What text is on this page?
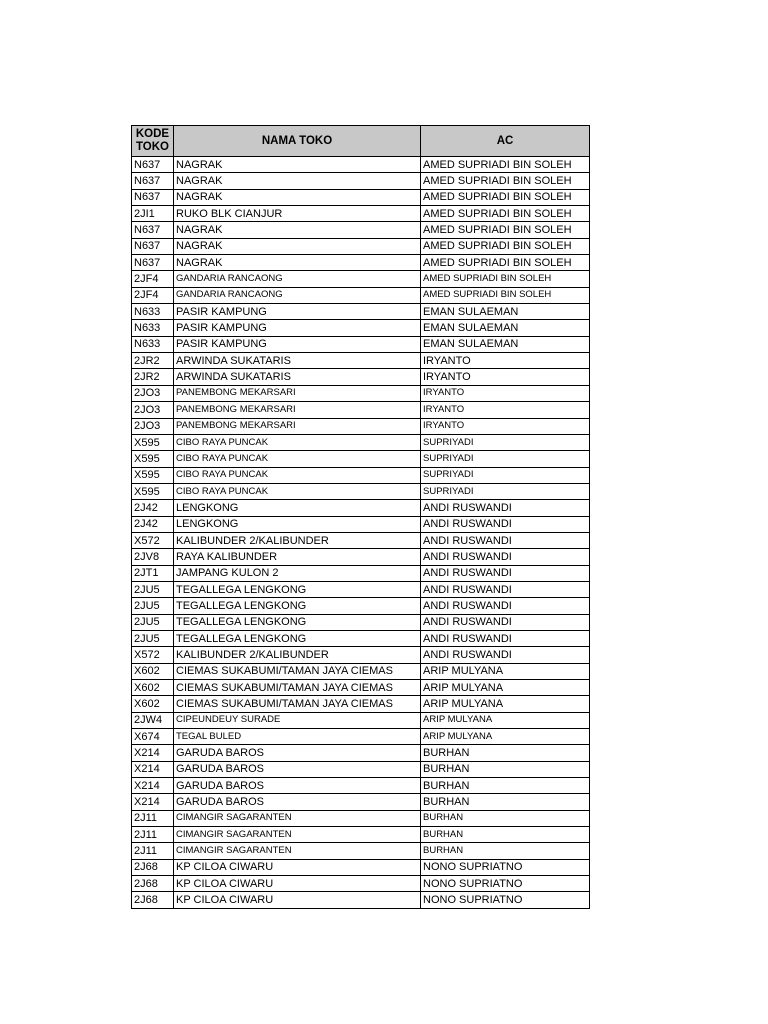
KODE TOKO	NAMA TOKO	AC
N637	NAGRAK	AMED SUPRIADI BIN SOLEH
N637	NAGRAK	AMED SUPRIADI BIN SOLEH
N637	NAGRAK	AMED SUPRIADI BIN SOLEH
2JI1	RUKO BLK CIANJUR	AMED SUPRIADI BIN SOLEH
N637	NAGRAK	AMED SUPRIADI BIN SOLEH
N637	NAGRAK	AMED SUPRIADI BIN SOLEH
N637	NAGRAK	AMED SUPRIADI BIN SOLEH
2JF4	GANDARIA RANCAONG	AMED SUPRIADI BIN SOLEH
2JF4	GANDARIA RANCAONG	AMED SUPRIADI BIN SOLEH
N633	PASIR KAMPUNG	EMAN SULAEMAN
N633	PASIR KAMPUNG	EMAN SULAEMAN
N633	PASIR KAMPUNG	EMAN SULAEMAN
2JR2	ARWINDA SUKATARIS	IRYANTO
2JR2	ARWINDA SUKATARIS	IRYANTO
2JO3	PANEMBONG MEKARSARI	IRYANTO
2JO3	PANEMBONG MEKARSARI	IRYANTO
2JO3	PANEMBONG MEKARSARI	IRYANTO
X595	CIBO RAYA PUNCAK	SUPRIYADI
X595	CIBO RAYA PUNCAK	SUPRIYADI
X595	CIBO RAYA PUNCAK	SUPRIYADI
X595	CIBO RAYA PUNCAK	SUPRIYADI
2J42	LENGKONG	ANDI RUSWANDI
2J42	LENGKONG	ANDI RUSWANDI
X572	KALIBUNDER 2/KALIBUNDER	ANDI RUSWANDI
2JV8	RAYA KALIBUNDER	ANDI RUSWANDI
2JT1	JAMPANG KULON 2	ANDI RUSWANDI
2JU5	TEGALLEGA LENGKONG	ANDI RUSWANDI
2JU5	TEGALLEGA LENGKONG	ANDI RUSWANDI
2JU5	TEGALLEGA LENGKONG	ANDI RUSWANDI
2JU5	TEGALLEGA LENGKONG	ANDI RUSWANDI
X572	KALIBUNDER 2/KALIBUNDER	ANDI RUSWANDI
X602	CIEMAS SUKABUMI/TAMAN JAYA CIEMAS	ARIP MULYANA
X602	CIEMAS SUKABUMI/TAMAN JAYA CIEMAS	ARIP MULYANA
X602	CIEMAS SUKABUMI/TAMAN JAYA CIEMAS	ARIP MULYANA
2JW4	CIPEUNDEUY SURADE	ARIP MULYANA
X674	TEGAL BULED	ARIP MULYANA
X214	GARUDA BAROS	BURHAN
X214	GARUDA BAROS	BURHAN
X214	GARUDA BAROS	BURHAN
X214	GARUDA BAROS	BURHAN
2J11	CIMANGIR SAGARANTEN	BURHAN
2J11	CIMANGIR SAGARANTEN	BURHAN
2J11	CIMANGIR SAGARANTEN	BURHAN
2J68	KP CILOA CIWARU	NONO SUPRIATNO
2J68	KP CILOA CIWARU	NONO SUPRIATNO
2J68	KP CILOA CIWARU	NONO SUPRIATNO
